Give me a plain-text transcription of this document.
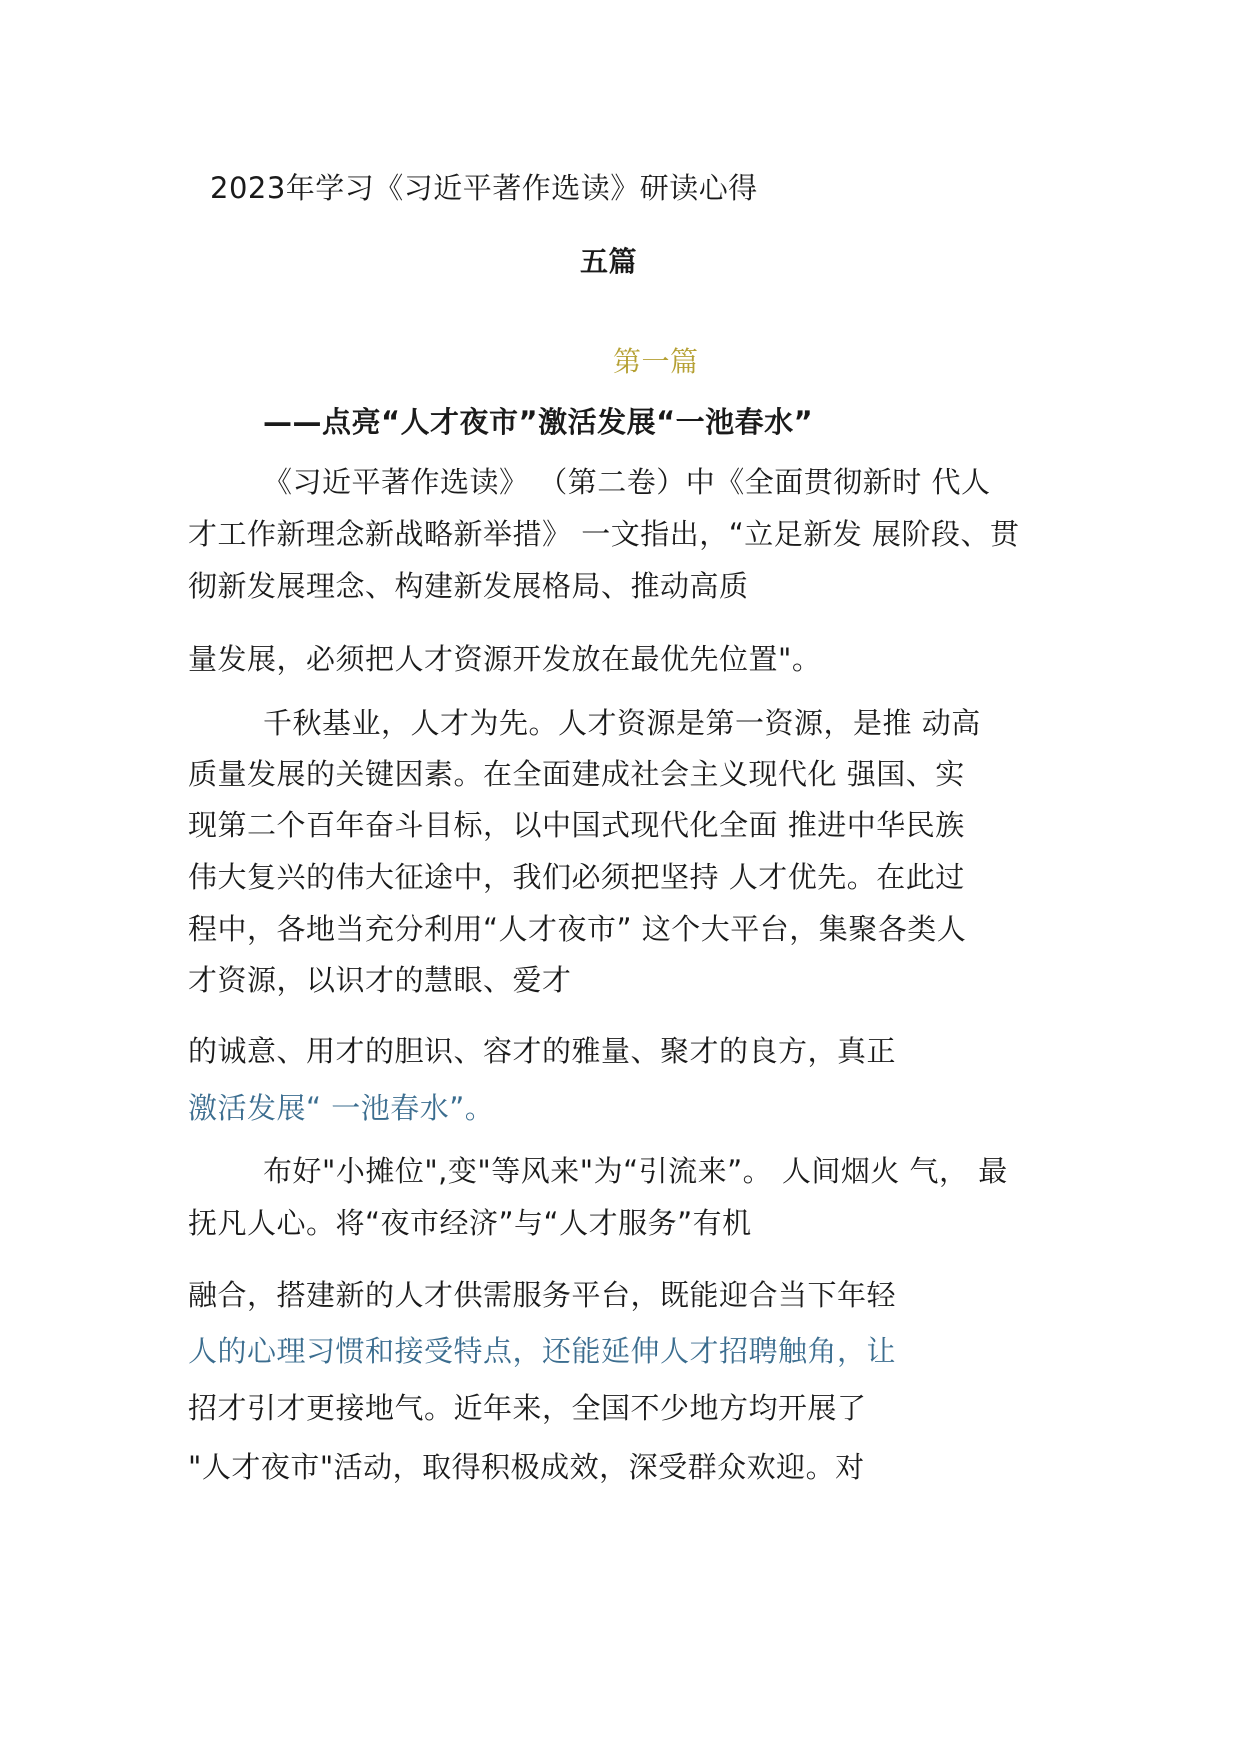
2023年学习《习近平著作选读》研读心得
五篇
第一篇
——点亮“人才夜市”激活发展“一池春水”
《习近平著作选读》 （第二卷）中《全面贯彻新时 代人
才工作新理念新战略新举措》 一文指出，“立足新发 展阶段、贯
彻新发展理念、构建新发展格局、推动高质
量发展，必须把人才资源开发放在最优先位置"。
千秋基业，人才为先。人才资源是第一资源，是推 动高
质量发展的关键因素。在全面建成社会主义现代化 强国、实
现第二个百年奋斗目标，以中国式现代化全面 推进中华民族
伟大复兴的伟大征途中，我们必须把坚持 人才优先。在此过
程中，各地当充分利用“人才夜市” 这个大平台，集聚各类人
才资源，以识才的慧眼、爱才
的诚意、用才的胆识、容才的雅量、聚才的良方，真正
激活发展“ 一池春水”。
布好"小摊位",变"等风来"为“引流来”。 人间烟火 气， 最
抚凡人心。将“夜市经济”与“人才服务”有机
融合，搭建新的人才供需服务平台，既能迎合当下年轻
人的心理习惯和接受特点，还能延伸人才招聘触角，让
招才引才更接地气。近年来，全国不少地方均开展了
"人才夜市"活动，取得积极成效，深受群众欢迎。对
